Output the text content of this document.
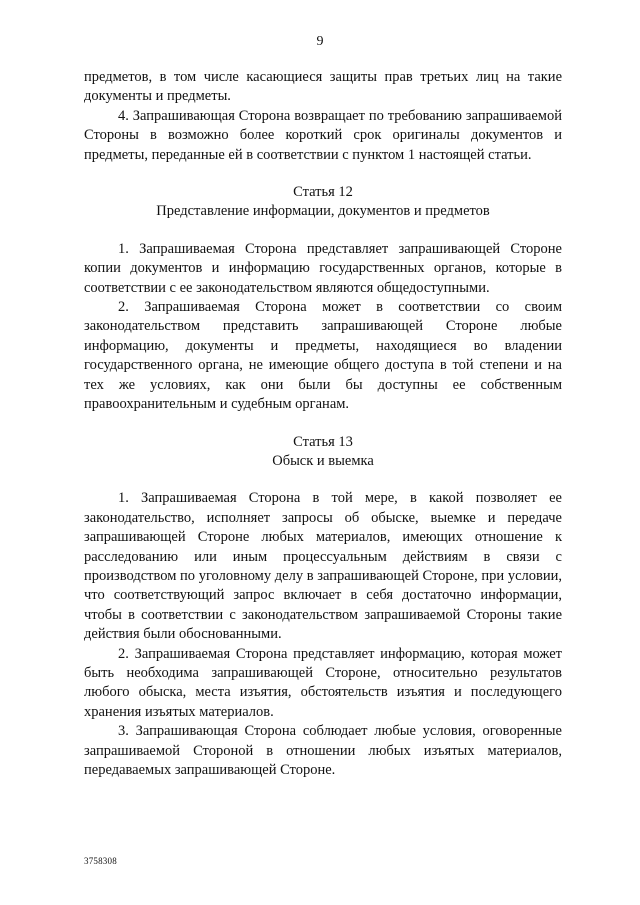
9

предметов, в том числе касающиеся защиты прав третьих лиц на такие документы и предметы.

4. Запрашивающая Сторона возвращает по требованию запрашиваемой Стороны в возможно более короткий срок оригиналы документов и предметы, переданные ей в соответствии с пунктом 1 настоящей статьи.

Статья 12

Представление информации, документов и предметов

1. Запрашиваемая Сторона представляет запрашивающей Стороне копии документов и информацию государственных органов, которые в соответствии с ее законодательством являются общедоступными.

2. Запрашиваемая Сторона может в соответствии со своим законодательством представить запрашивающей Стороне любые информацию, документы и предметы, находящиеся во владении государственного органа, не имеющие общего доступа в той степени и на тех же условиях, как они были бы доступны ее собственным правоохранительным и судебным органам.

Статья 13

Обыск и выемка

1. Запрашиваемая Сторона в той мере, в какой позволяет ее законодательство, исполняет запросы об обыске, выемке и передаче запрашивающей Стороне любых материалов, имеющих отношение к расследованию или иным процессуальным действиям в связи с производством по уголовному делу в запрашивающей Стороне, при условии, что соответствующий запрос включает в себя достаточно информации, чтобы в соответствии с законодательством запрашиваемой Стороны такие действия были обоснованными.

2. Запрашиваемая Сторона представляет информацию, которая может быть необходима запрашивающей Стороне, относительно результатов любого обыска, места изъятия, обстоятельств изъятия и последующего хранения изъятых материалов.

3. Запрашивающая Сторона соблюдает любые условия, оговоренные запрашиваемой Стороной в отношении любых изъятых материалов, передаваемых запрашивающей Стороне.

3758308
